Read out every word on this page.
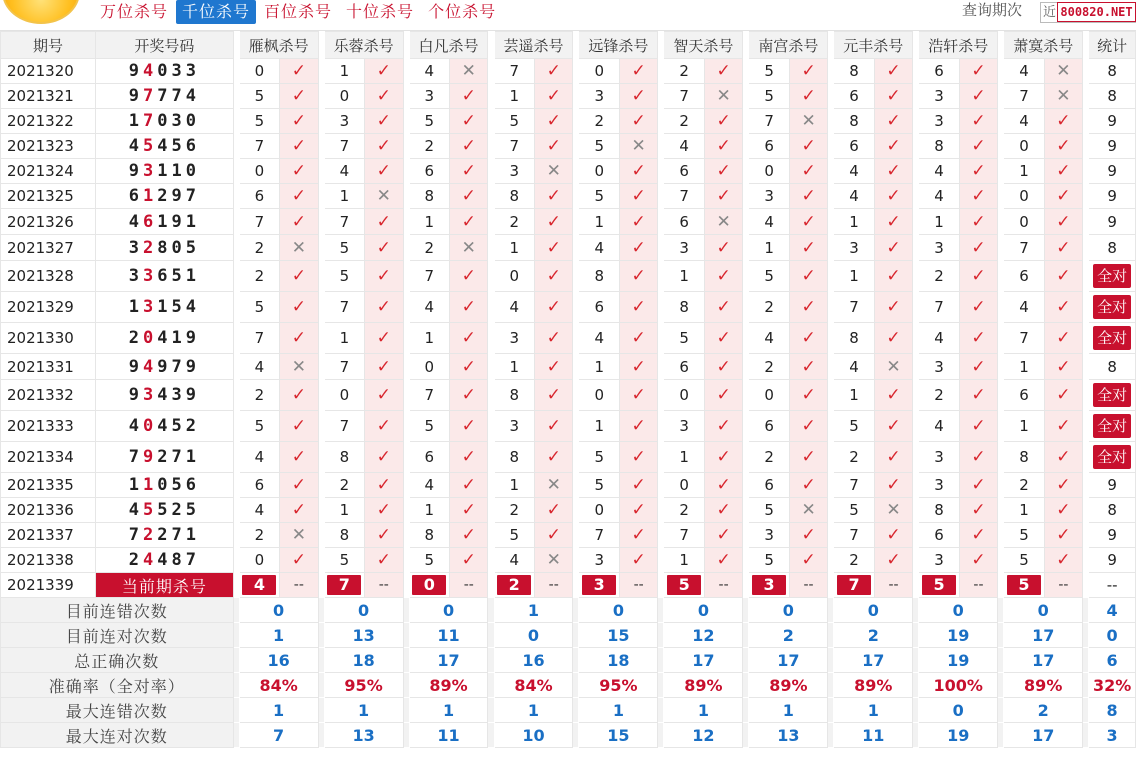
万位杀号 千位杀号 百位杀号 十位杀号 个位杀号	查询期次 近 800820.NET
期号	开奖号码		雁枫杀号			乐蓉杀号			白凡杀号			芸遥杀号			远锋杀号			智天杀号			南宫杀号			元丰杀号			浩轩杀号			萧寞杀号			统计
2021320	94033		0	✓		1	✓		4	✕		7	✓		0	✓		2	✓		5	✓		8	✓		6	✓		4	✕		8
2021321	97774		5	✓		0	✓		3	✓		1	✓		3	✓		7	✕		5	✓		6	✓		3	✓		7	✕		8
2021322	17030		5	✓		3	✓		5	✓		5	✓		2	✓		2	✓		7	✕		8	✓		3	✓		4	✓		9
2021323	45456		7	✓		7	✓		2	✓		7	✓		5	✕		4	✓		6	✓		6	✓		8	✓		0	✓		9
2021324	93110		0	✓		4	✓		6	✓		3	✕		0	✓		6	✓		0	✓		4	✓		4	✓		1	✓		9
2021325	61297		6	✓		1	✕		8	✓		8	✓		5	✓		7	✓		3	✓		4	✓		4	✓		0	✓		9
2021326	46191		7	✓		7	✓		1	✓		2	✓		1	✓		6	✕		4	✓		1	✓		1	✓		0	✓		9
2021327	32805		2	✕		5	✓		2	✕		1	✓		4	✓		3	✓		1	✓		3	✓		3	✓		7	✓		8
2021328	33651		2	✓		5	✓		7	✓		0	✓		8	✓		1	✓		5	✓		1	✓		2	✓		6	✓		全对
2021329	13154		5	✓		7	✓		4	✓		4	✓		6	✓		8	✓		2	✓		7	✓		7	✓		4	✓		全对
2021330	20419		7	✓		1	✓		1	✓		3	✓		4	✓		5	✓		4	✓		8	✓		4	✓		7	✓		全对
2021331	94979		4	✕		7	✓		0	✓		1	✓		1	✓		6	✓		2	✓		4	✕		3	✓		1	✓		8
2021332	93439		2	✓		0	✓		7	✓		8	✓		0	✓		0	✓		0	✓		1	✓		2	✓		6	✓		全对
2021333	40452		5	✓		7	✓		5	✓		3	✓		1	✓		3	✓		6	✓		5	✓		4	✓		1	✓		全对
2021334	79271		4	✓		8	✓		6	✓		8	✓		5	✓		1	✓		2	✓		2	✓		3	✓		8	✓		全对
2021335	11056		6	✓		2	✓		4	✓		1	✕		5	✓		0	✓		6	✓		7	✓		3	✓		2	✓		9
2021336	45525		4	✓		1	✓		1	✓		2	✓		0	✓		2	✓		5	✕		5	✕		8	✓		1	✓		8
2021337	72271		2	✕		8	✓		8	✓		5	✓		7	✓		7	✓		3	✓		7	✓		6	✓		5	✓		9
2021338	24487		0	✓		5	✓		5	✓		4	✕		3	✓		1	✓		5	✓		2	✓		3	✓		5	✓		9
2021339	当前期杀号		4	--		7	--		0	--		2	--		3	--		5	--		3	--		7	--		5	--		5	--		--
目前连错次数			0			0			0			1			0			0			0			0			0			0			4
目前连对次数			1			13			11			0			15			12			2			2			19			17			0
总正确次数			16			18			17			16			18			17			17			17			19			17			6
准确率（全对率）			84%			95%			89%			84%			95%			89%			89%			89%			100%			89%			32%
最大连错次数			1			1			1			1			1			1			1			1			0			2			8
最大连对次数			7			13			11			10			15			12			13			11			19			17			3
